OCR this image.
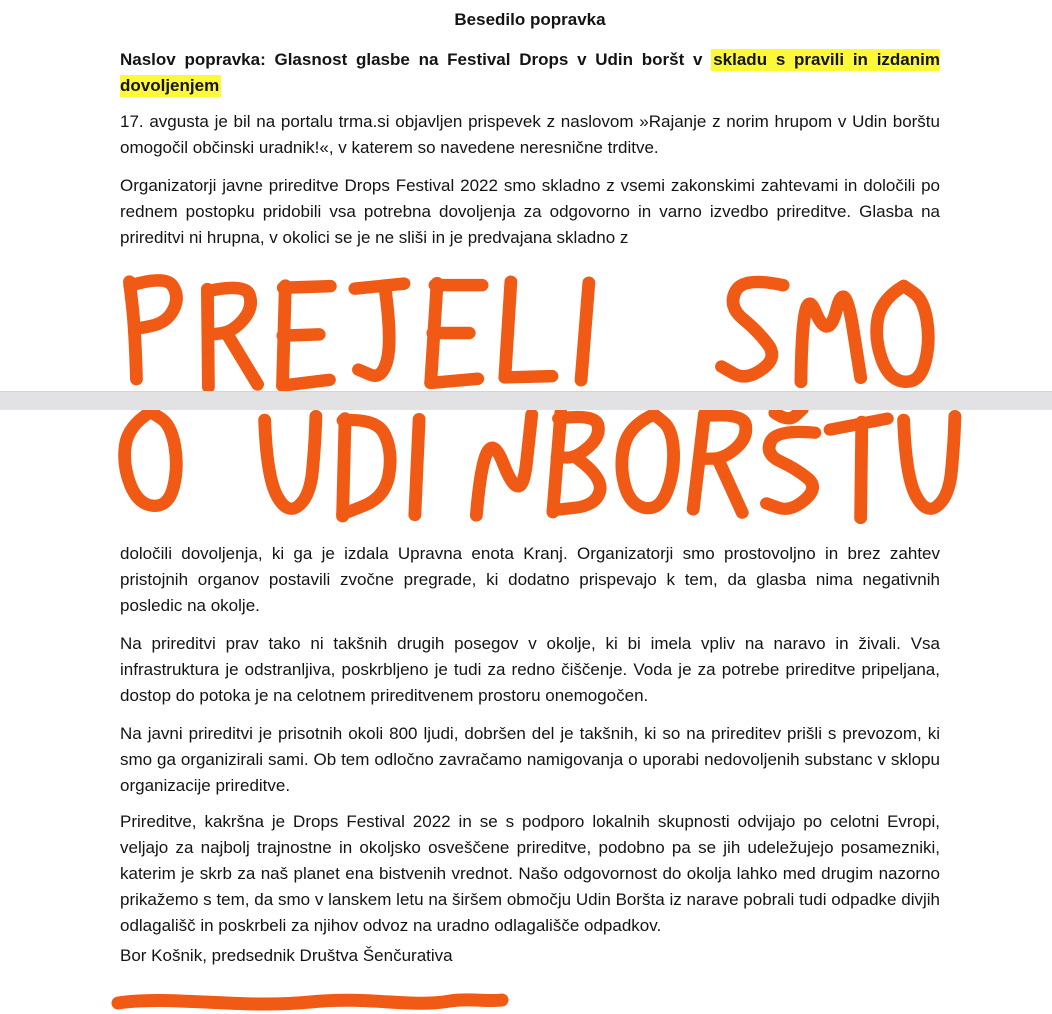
Besedilo popravka

Naslov popravka: Glasnost glasbe na Festival Drops v Udin boršt v skladu s pravili in izdanim dovoljenjem

17. avgusta je bil na portalu trma.si objavljen prispevek z naslovom »Rajanje z norim hrupom v Udin borštu omogočil občinski uradnik!«, v katerem so navedene neresnične trditve.

Organizatorji javne prireditve Drops Festival 2022 smo skladno z vsemi zakonskimi zahtevami in določili po rednem postopku pridobili vsa potrebna dovoljenja za odgovorno in varno izvedbo prireditve. Glasba na prireditvi ni hrupna, v okolici se je ne sliši in je predvajana skladno z

določili dovoljenja, ki ga je izdala Upravna enota Kranj. Organizatorji smo prostovoljno in brez zahtev pristojnih organov postavili zvočne pregrade, ki dodatno prispevajo k tem, da glasba nima negativnih posledic na okolje.

Na prireditvi prav tako ni takšnih drugih posegov v okolje, ki bi imela vpliv na naravo in živali. Vsa infrastruktura je odstranljiva, poskrbljeno je tudi za redno čiščenje. Voda je za potrebe prireditve pripeljana, dostop do potoka je na celotnem prireditvenem prostoru onemogočen.

Na javni prireditvi je prisotnih okoli 800 ljudi, dobršen del je takšnih, ki so na prireditev prišli s prevozom, ki smo ga organizirali sami. Ob tem odločno zavračamo namigovanja o uporabi nedovoljenih substanc v sklopu organizacije prireditve.

Prireditve, kakršna je Drops Festival 2022 in se s podporo lokalnih skupnosti odvijajo po celotni Evropi, veljajo za najbolj trajnostne in okoljsko osveščene prireditve, podobno pa se jih udeležujejo posamezniki, katerim je skrb za naš planet ena bistvenih vrednot. Našo odgovornost do okolja lahko med drugim nazorno prikažemo s tem, da smo v lanskem letu na širšem območju Udin Boršta iz narave pobrali tudi odpadke divjih odlagališč in poskrbeli za njihov odvoz na uradno odlagališče odpadkov.

Bor Košnik, predsednik Društva Šenčurativa
